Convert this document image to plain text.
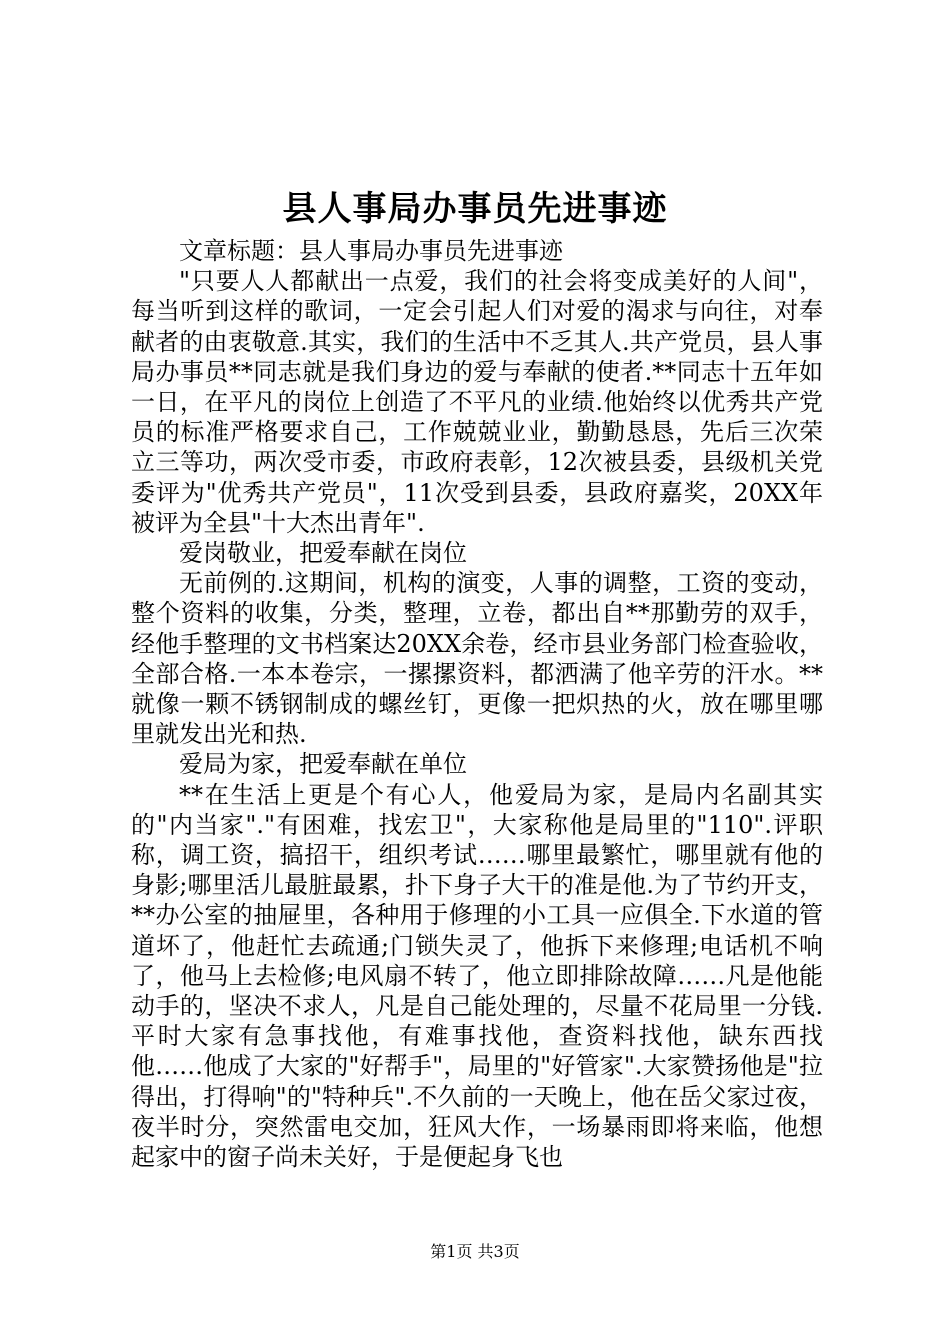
县人事局办事员先进事迹

文章标题：县人事局办事员先进事迹

"只要人人都献出一点爱，我们的社会将变成美好的人间"，每当听到这样的歌词，一定会引起人们对爱的渴求与向往，对奉献者的由衷敬意.其实，我们的生活中不乏其人.共产党员，县人事局办事员**同志就是我们身边的爱与奉献的使者.**同志十五年如一日，在平凡的岗位上创造了不平凡的业绩.他始终以优秀共产党员的标准严格要求自己，工作兢兢业业，勤勤恳恳，先后三次荣立三等功，两次受市委，市政府表彰，12次被县委，县级机关党委评为"优秀共产党员"，11次受到县委，县政府嘉奖，20XX年被评为全县"十大杰出青年".

爱岗敬业，把爱奉献在岗位

无前例的.这期间，机构的演变，人事的调整，工资的变动，整个资料的收集，分类，整理，立卷，都出自**那勤劳的双手，经他手整理的文书档案达20XX余卷，经市县业务部门检查验收，全部合格.一本本卷宗，一摞摞资料，都洒满了他辛劳的汗水。**就像一颗不锈钢制成的螺丝钉，更像一把炽热的火，放在哪里哪里就发出光和热.

爱局为家，把爱奉献在单位

**在生活上更是个有心人，他爱局为家，是局内名副其实的"内当家"."有困难，找宏卫"，大家称他是局里的"110".评职称，调工资，搞招干，组织考试……哪里最繁忙，哪里就有他的身影;哪里活儿最脏最累，扑下身子大干的准是他.为了节约开支，**办公室的抽屉里，各种用于修理的小工具一应俱全.下水道的管道坏了，他赶忙去疏通;门锁失灵了，他拆下来修理;电话机不响了，他马上去检修;电风扇不转了，他立即排除故障……凡是他能动手的，坚决不求人，凡是自己能处理的，尽量不花局里一分钱.平时大家有急事找他，有难事找他，查资料找他，缺东西找他……他成了大家的"好帮手"，局里的"好管家".大家赞扬他是"拉得出，打得响"的"特种兵".不久前的一天晚上，他在岳父家过夜，夜半时分，突然雷电交加，狂风大作，一场暴雨即将来临，他想起家中的窗子尚未关好，于是便起身飞也

第1页 共3页
